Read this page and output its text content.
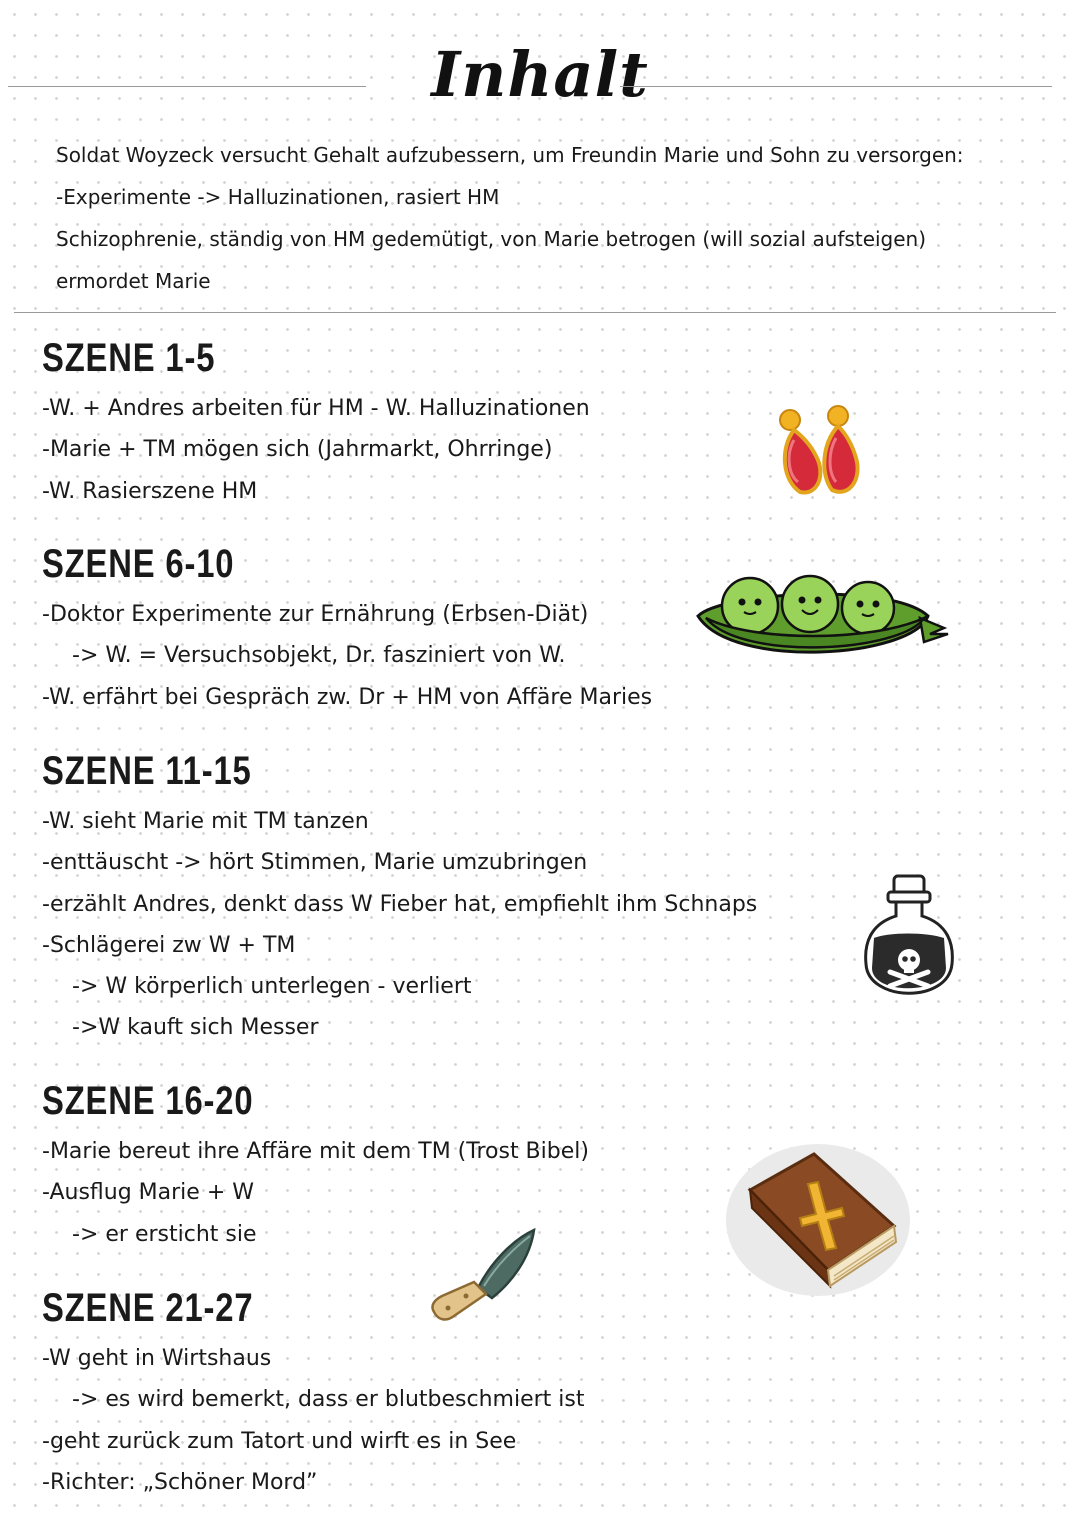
Inhalt
Soldat Woyzeck versucht Gehalt aufzubessern, um Freundin Marie und Sohn zu versorgen:
-Experimente -> Halluzinationen, rasiert HM
Schizophrenie, ständig von HM gedemütigt, von Marie betrogen (will sozial aufsteigen)
ermordet Marie
SZENE 1-5
-W. + Andres arbeiten für HM - W. Halluzinationen
-Marie + TM mögen sich (Jahrmarkt, Ohrringe)
-W. Rasierszene HM
SZENE 6-10
-Doktor Experimente zur Ernährung (Erbsen-Diät)
-> W. = Versuchsobjekt, Dr. fasziniert von W.
-W. erfährt bei Gespräch zw. Dr + HM von Affäre Maries
SZENE 11-15
-W. sieht Marie mit TM tanzen
-enttäuscht -> hört Stimmen, Marie umzubringen
-erzählt Andres, denkt dass W Fieber hat, empfiehlt ihm Schnaps
-Schlägerei zw W + TM
-> W körperlich unterlegen - verliert
->W kauft sich Messer
SZENE 16-20
-Marie bereut ihre Affäre mit dem TM (Trost Bibel)
-Ausflug Marie + W
-> er ersticht sie
SZENE 21-27
-W geht in Wirtshaus
-> es wird bemerkt, dass er blutbeschmiert ist
-geht zurück zum Tatort und wirft es in See
-Richter: „Schöner Mord”
